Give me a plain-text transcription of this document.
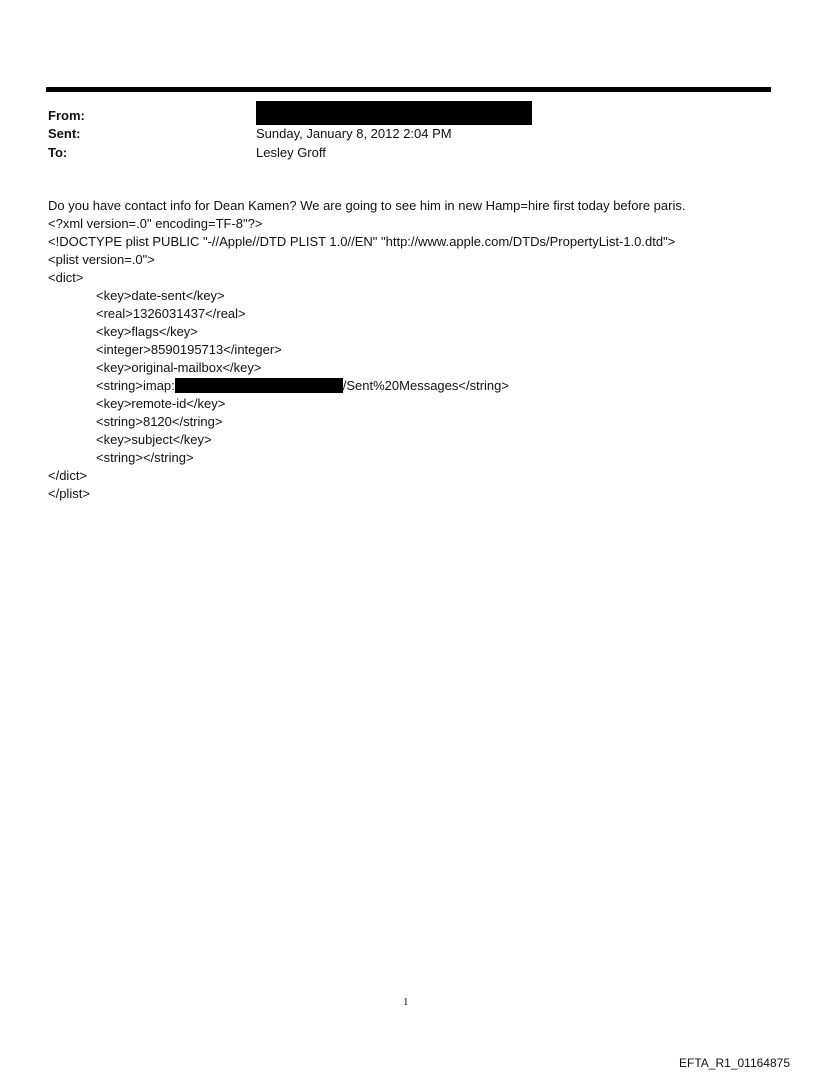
From:
Sent:	Sunday, January 8, 2012 2:04 PM
To:	Lesley Groff
Do you have contact info for Dean Kamen? We are going to see him in new Hamp=hire first today before paris.
<?xml version=.0" encoding=TF-8"?>
<!DOCTYPE plist PUBLIC "-//Apple//DTD PLIST 1.0//EN" "http://www.apple.com/DTDs/PropertyList-1.0.dtd">
<plist version=.0">
<dict>
<key>date-sent</key>
<real>1326031437</real>
<key>flags</key>
<integer>8590195713</integer>
<key>original-mailbox</key>
<string>imap:	/Sent%20Messages</string>
<key>remote-id</key>
<string>8120</string>
<key>subject</key>
<string></string>
</dict>
</plist>
1
EFTA_R1_01164875
